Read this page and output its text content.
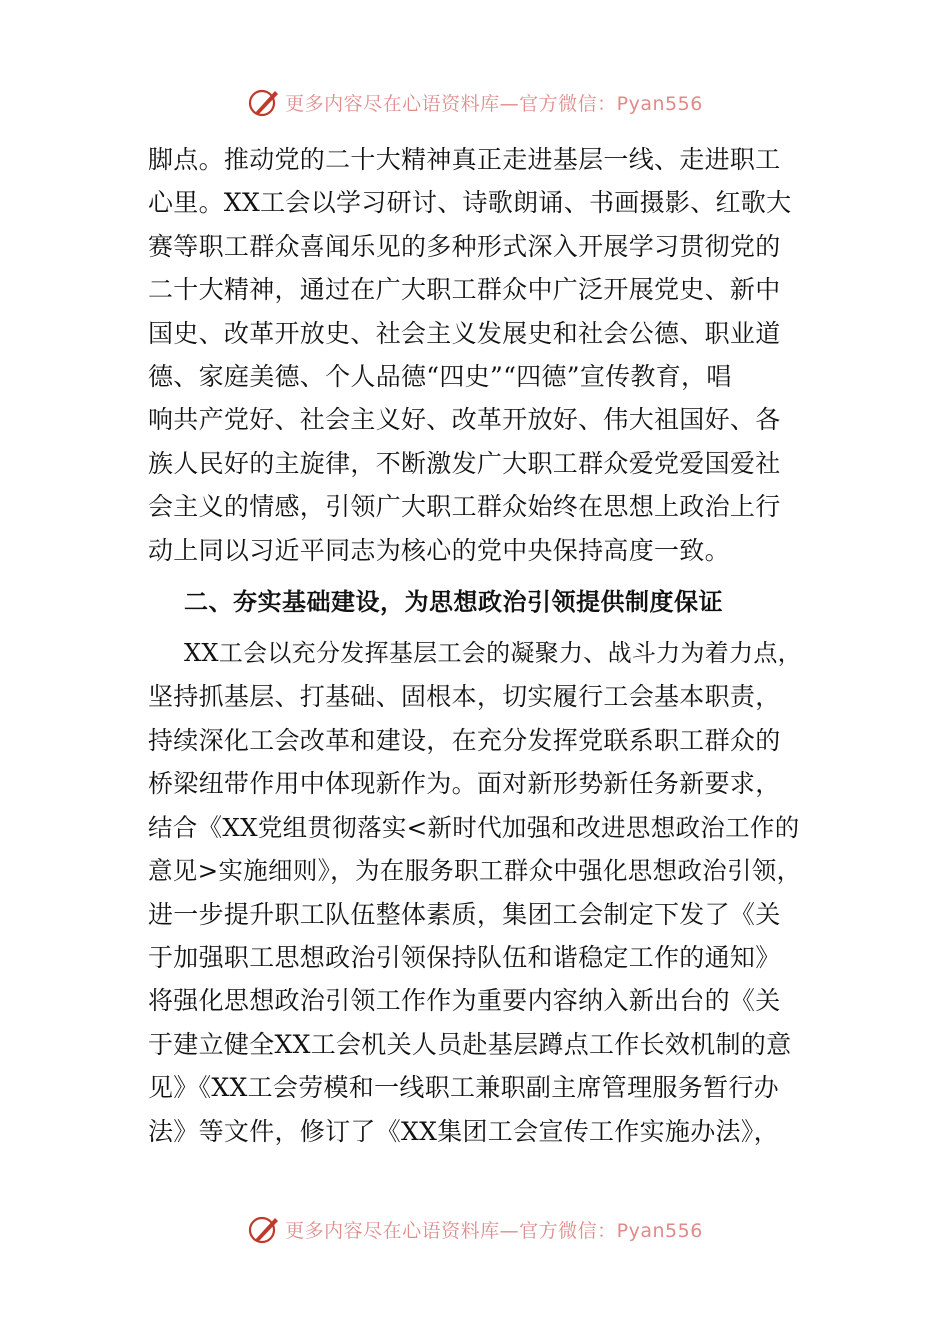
更多内容尽在心语资料库—官方微信：Pyan556

脚点。推动党的二十大精神真正走进基层一线、走进职工
心里。XX工会以学习研讨、诗歌朗诵、书画摄影、红歌大
赛等职工群众喜闻乐见的多种形式深入开展学习贯彻党的
二十大精神，通过在广大职工群众中广泛开展党史、新中
国史、改革开放史、社会主义发展史和社会公德、职业道
德、家庭美德、个人品德“四史”“四德”宣传教育，唱
响共产党好、社会主义好、改革开放好、伟大祖国好、各
族人民好的主旋律，不断激发广大职工群众爱党爱国爱社
会主义的情感，引领广大职工群众始终在思想上政治上行
动上同以习近平同志为核心的党中央保持高度一致。

二、夯实基础建设，为思想政治引领提供制度保证

XX工会以充分发挥基层工会的凝聚力、战斗力为着力点，
坚持抓基层、打基础、固根本，切实履行工会基本职责，
持续深化工会改革和建设，在充分发挥党联系职工群众的
桥梁纽带作用中体现新作为。面对新形势新任务新要求，
结合《XX党组贯彻落实<新时代加强和改进思想政治工作的
意见>实施细则》，为在服务职工群众中强化思想政治引领，
进一步提升职工队伍整体素质，集团工会制定下发了《关
于加强职工思想政治引领保持队伍和谐稳定工作的通知》
将强化思想政治引领工作作为重要内容纳入新出台的《关
于建立健全XX工会机关人员赴基层蹲点工作长效机制的意
见》《XX工会劳模和一线职工兼职副主席管理服务暂行办
法》等文件，修订了《XX集团工会宣传工作实施办法》，

更多内容尽在心语资料库—官方微信：Pyan556
